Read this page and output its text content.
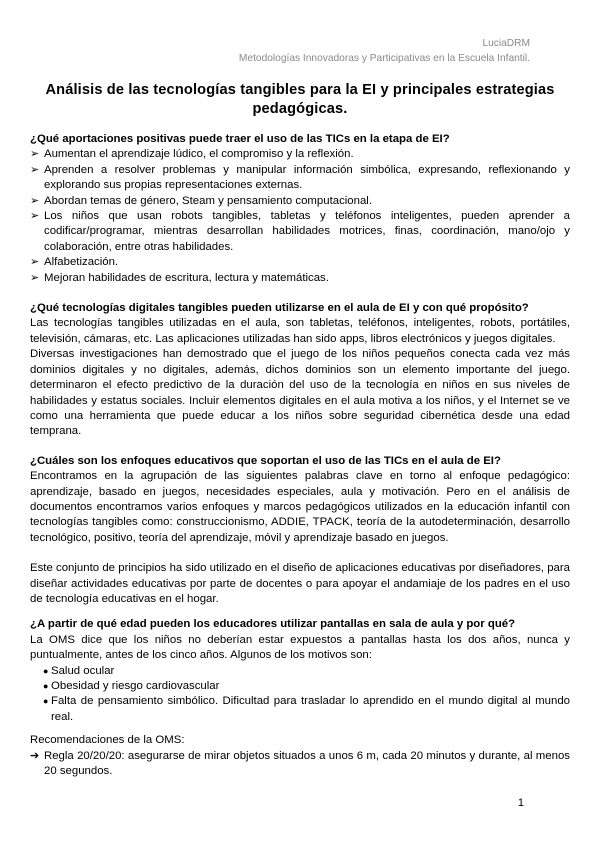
LuciaDRM
Metodologías Innovadoras y Participativas en la Escuela Infantil.
Análisis de las tecnologías tangibles para la EI y principales estrategias pedagógicas.

¿Qué aportaciones positivas puede traer el uso de las TICs en la etapa de EI?

➢ Aumentan el aprendizaje lúdico, el compromiso y la reflexión.
➢ Aprenden a resolver problemas y manipular información simbólica, expresando, reflexionando y explorando sus propias representaciones externas.
➢ Abordan temas de género, Steam y pensamiento computacional.
➢ Los niños que usan robots tangibles, tabletas y teléfonos inteligentes, pueden aprender a codificar/programar, mientras desarrollan habilidades motrices, finas, coordinación, mano/ojo y colaboración, entre otras habilidades.
➢ Alfabetización.
➢ Mejoran habilidades de escritura, lectura y matemáticas.

¿Qué tecnologías digitales tangibles pueden utilizarse en el aula de EI y con qué propósito?

Las tecnologías tangibles utilizadas en el aula, son tabletas, teléfonos, inteligentes, robots, portátiles, televisión, cámaras, etc. Las aplicaciones utilizadas han sido apps, libros electrónicos y juegos digitales.

Diversas investigaciones han demostrado que el juego de los niños pequeños conecta cada vez más dominios digitales y no digitales, además, dichos dominios son un elemento importante del juego. determinaron el efecto predictivo de la duración del uso de la tecnología en niños en sus niveles de habilidades y estatus sociales. Incluir elementos digitales en el aula motiva a los niños, y el Internet se ve como una herramienta que puede educar a los niños sobre seguridad cibernética desde una edad temprana.

¿Cuáles son los enfoques educativos que soportan el uso de las TICs en el aula de EI?

Encontramos en la agrupación de las siguientes palabras clave en torno al enfoque pedagógico: aprendizaje, basado en juegos, necesidades especiales, aula y motivación. Pero en el análisis de documentos encontramos varios enfoques y marcos pedagógicos utilizados en la educación infantil con tecnologías tangibles como: construccionismo, ADDIE, TPACK, teoría de la autodeterminación, desarrollo tecnológico, positivo, teoría del aprendizaje, móvil y aprendizaje basado en juegos.

Este conjunto de principios ha sido utilizado en el diseño de aplicaciones educativas por diseñadores, para diseñar actividades educativas por parte de docentes o para apoyar el andamiaje de los padres en el uso de tecnología educativas en el hogar.

¿A partir de qué edad pueden los educadores utilizar pantallas en sala de aula y por qué?

La OMS dice que los niños no deberían estar expuestos a pantallas hasta los dos años, nunca y puntualmente, antes de los cinco años. Algunos de los motivos son:

● Salud ocular
● Obesidad y riesgo cardiovascular
● Falta de pensamiento simbólico. Dificultad para trasladar lo aprendido en el mundo digital al mundo real.

Recomendaciones de la OMS:

➔ Regla 20/20/20: asegurarse de mirar objetos situados a unos 6 m, cada 20 minutos y durante, al menos 20 segundos.
1
